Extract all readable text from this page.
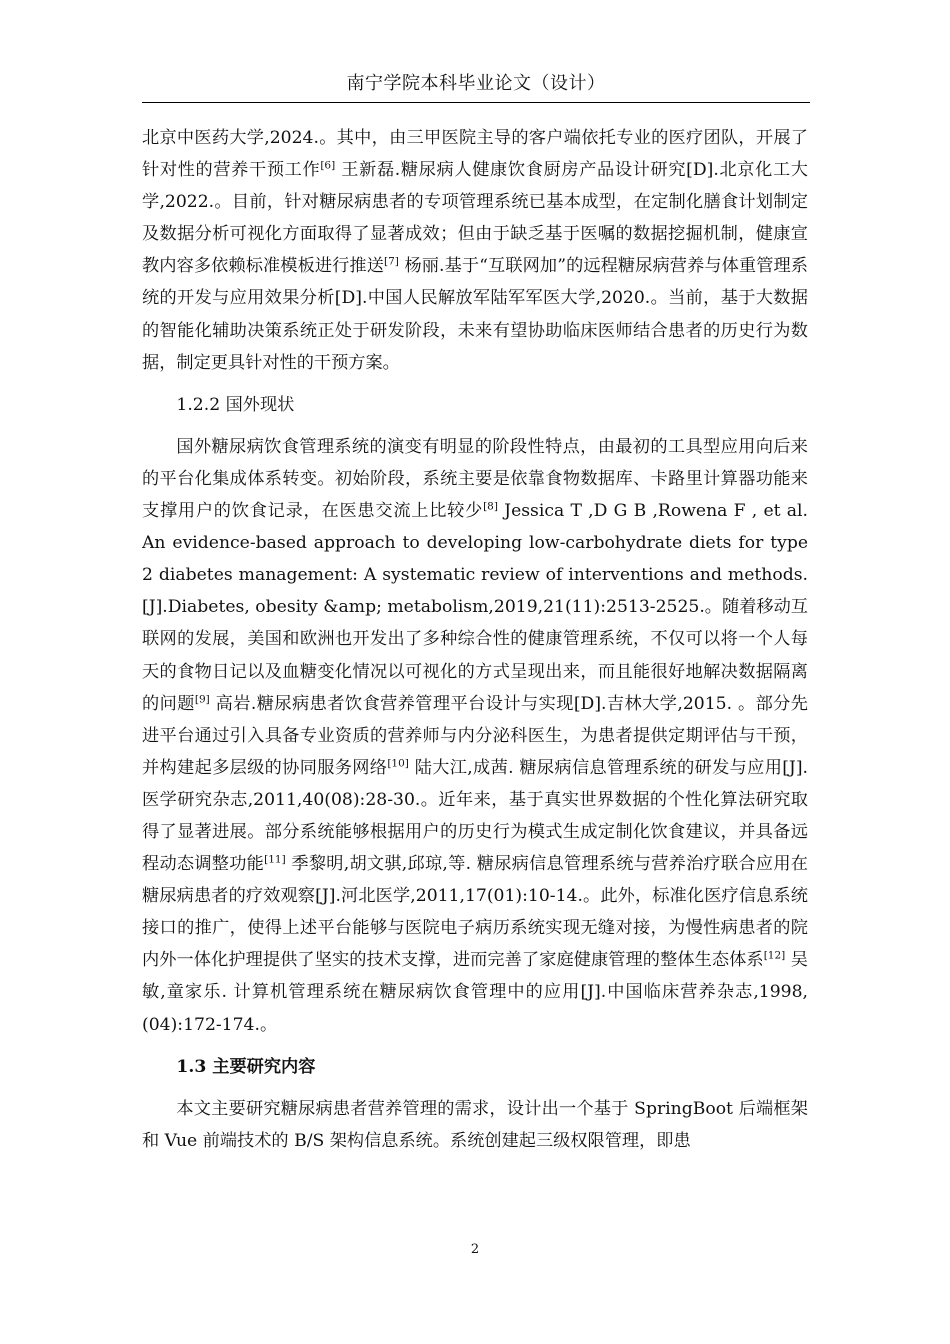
南宁学院本科毕业论文（设计）

北京中医药大学,2024.。其中，由三甲医院主导的客户端依托专业的医疗团队，开展了针对性的营养干预工作[6] 王新磊.糖尿病人健康饮食厨房产品设计研究[D].北京化工大学,2022.。目前，针对糖尿病患者的专项管理系统已基本成型，在定制化膳食计划制定及数据分析可视化方面取得了显著成效；但由于缺乏基于医嘱的数据挖掘机制，健康宣教内容多依赖标准模板进行推送[7] 杨丽.基于“互联网加”的远程糖尿病营养与体重管理系统的开发与应用效果分析[D].中国人民解放军陆军军医大学,2020.。当前，基于大数据的智能化辅助决策系统正处于研发阶段，未来有望协助临床医师结合患者的历史行为数据，制定更具针对性的干预方案。

1.2.2 国外现状

国外糖尿病饮食管理系统的演变有明显的阶段性特点，由最初的工具型应用向后来的平台化集成体系转变。初始阶段，系统主要是依靠食物数据库、卡路里计算器功能来支撑用户的饮食记录，在医患交流上比较少[8] Jessica T ,D G B ,Rowena F , et al. An evidence-based approach to developing low-carbohydrate diets for type 2 diabetes management: A systematic review of interventions and methods.[J].Diabetes, obesity &amp; metabolism,2019,21(11):2513-2525.。随着移动互联网的发展，美国和欧洲也开发出了多种综合性的健康管理系统，不仅可以将一个人每天的食物日记以及血糖变化情况以可视化的方式呈现出来，而且能很好地解决数据隔离的问题[9] 高岩.糖尿病患者饮食营养管理平台设计与实现[D].吉林大学,2015. 。部分先进平台通过引入具备专业资质的营养师与内分泌科医生，为患者提供定期评估与干预，并构建起多层级的协同服务网络[10] 陆大江,成茜. 糖尿病信息管理系统的研发与应用[J].医学研究杂志,2011,40(08):28-30.。近年来，基于真实世界数据的个性化算法研究取得了显著进展。部分系统能够根据用户的历史行为模式生成定制化饮食建议，并具备远程动态调整功能[11] 季黎明,胡文骐,邱琼,等. 糖尿病信息管理系统与营养治疗联合应用在糖尿病患者的疗效观察[J].河北医学,2011,17(01):10-14.。此外，标准化医疗信息系统接口的推广，使得上述平台能够与医院电子病历系统实现无缝对接，为慢性病患者的院内外一体化护理提供了坚实的技术支撑，进而完善了家庭健康管理的整体生态体系[12] 吴敏,童家乐. 计算机管理系统在糖尿病饮食管理中的应用[J].中国临床营养杂志,1998,(04):172-174.。

1.3 主要研究内容

本文主要研究糖尿病患者营养管理的需求，设计出一个基于 SpringBoot 后端框架和 Vue 前端技术的 B/S 架构信息系统。系统创建起三级权限管理，即患

2
